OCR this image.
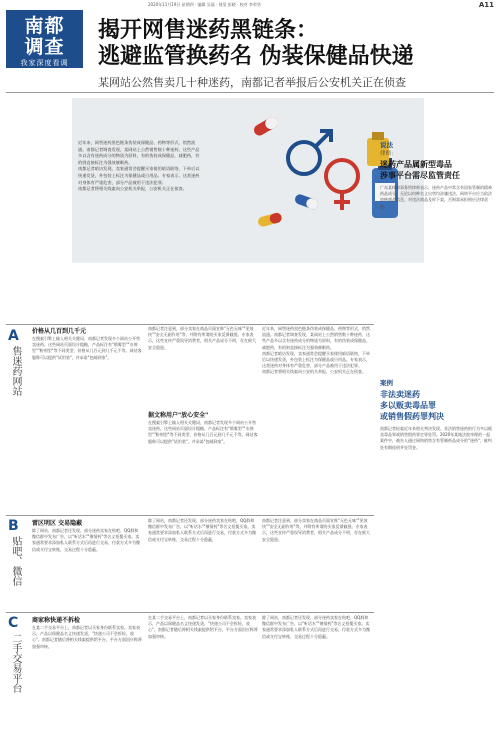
2020年11月19日 星期四 · 编辑 吴磊 · 视觉 彭晓 · 校对 李荣华	A11
南都
调查
我家深度看调
揭开网售迷药黑链条：
逃避监管换药名 伪装保健品快递
某网站公然售卖几十种迷药，南都记者举报后公安机关正在侦查
近年来，网售迷药黑色链条伪装成保健品、药物等形式，悄然流通。南都记者调查发现，某网站上公然销售数十种迷药，这些产品多以含有迷药成分的物质为原料，有的伪装成保健品、减肥药，有的则直接标注为强效催眠药。
南都记者暗访发现，卖家通常会提醒买家使用暗语联络，下单后以快递发货，外包装上标注为保健品或日用品。专家表示，这类迷药对身体有严重危害，部分产品被用于违法犯罪。
南都记者将相关线索向公安机关举报，公安机关正在侦查。
说法
律师：
迷药产品属新型毒品
涉事平台需尽监管责任
广东某律师事务所律师表示，迷药产品中常含有国家管制的精神药品成分，无论以何种名义出售均涉嫌违法。网络平台应当依法审核商品信息，对违法商品及时下架，否则需承担相应法律责任。
案例
非法卖迷药
多以贩卖毒品罪
或销售假药罪判决
南都记者检索近年来相关判决发现，非法销售迷药的行为多以贩卖毒品罪或销售假药罪定罪处罚。2020年某地法院审理的一起案件中，被告人通过网络销售含有管制药品成分的"迷药"，被判处有期徒刑并处罚金。
A
售迷药网站
价格从几百到几千元
在搜索引擎上输入相关关键词，南都记者发现多个网站公开售卖迷药。这些网站页面设计粗糙，产品标注有"喷雾型""水剂型""粉剂型"等不同类型，价格从几百元到几千元不等。网站客服称可以提供"试用装"，并承诺"包邮到家"。
南都记者注意到，部分卖家在商品页面宣称"无色无味""见效快""安全无副作用"等，并附有所谓的买家反馈截图。专家表示，这些宣传严重误导消费者，相关产品成分不明，存在极大安全隐患。
据文称用户"放心安全"
在搜索引擎上输入相关关键词，南都记者发现多个网站公开售卖迷药。这些网站页面设计粗糙，产品标注有"喷雾型""水剂型""粉剂型"等不同类型，价格从几百元到几千元不等。网站客服称可以提供"试用装"，并承诺"包邮到家"。
近年来，网售迷药黑色链条伪装成保健品、药物等形式，悄然流通。南都记者调查发现，某网站上公然销售数十种迷药，这些产品多以含有迷药成分的物质为原料，有的伪装成保健品、减肥药，有的则直接标注为强效催眠药。
南都记者暗访发现，卖家通常会提醒买家使用暗语联络，下单后以快递发货，外包装上标注为保健品或日用品。专家表示，这类迷药对身体有严重危害，部分产品被用于违法犯罪。
南都记者将相关线索向公安机关举报，公安机关正在侦查。
B
贴吧、微信
雷区明区 交易隐蔽
除了网站，南都记者还发现，部分迷药卖家在贴吧、QQ群和微信群中发布广告，以"听话水""催情药"等名义招揽买家。卖家通常要求添加私人联系方式后再进行交易，付款方式多为微信或支付宝转账，交易过程十分隐蔽。
除了网站，南都记者还发现，部分迷药卖家在贴吧、QQ群和微信群中发布广告，以"听话水""催情药"等名义招揽买家。卖家通常要求添加私人联系方式后再进行交易，付款方式多为微信或支付宝转账，交易过程十分隐蔽。
南都记者注意到，部分卖家在商品页面宣称"无色无味""见效快""安全无副作用"等，并附有所谓的买家反馈截图。专家表示，这些宣传严重误导消费者，相关产品成分不明，存在极大安全隐患。
C
二手交易平台
商家称快递不拆检
在某二手交易平台上，南都记者以买家身份联系卖家。卖家表示，产品以保健品名义快递发货，"快递公司不会拆检，放心"。南都记者随后将相关线索提供给平台，平台方面回应称将加强审核。
在某二手交易平台上，南都记者以买家身份联系卖家。卖家表示，产品以保健品名义快递发货，"快递公司不会拆检，放心"。南都记者随后将相关线索提供给平台，平台方面回应称将加强审核。
除了网站，南都记者还发现，部分迷药卖家在贴吧、QQ群和微信群中发布广告，以"听话水""催情药"等名义招揽买家。卖家通常要求添加私人联系方式后再进行交易，付款方式多为微信或支付宝转账，交易过程十分隐蔽。
